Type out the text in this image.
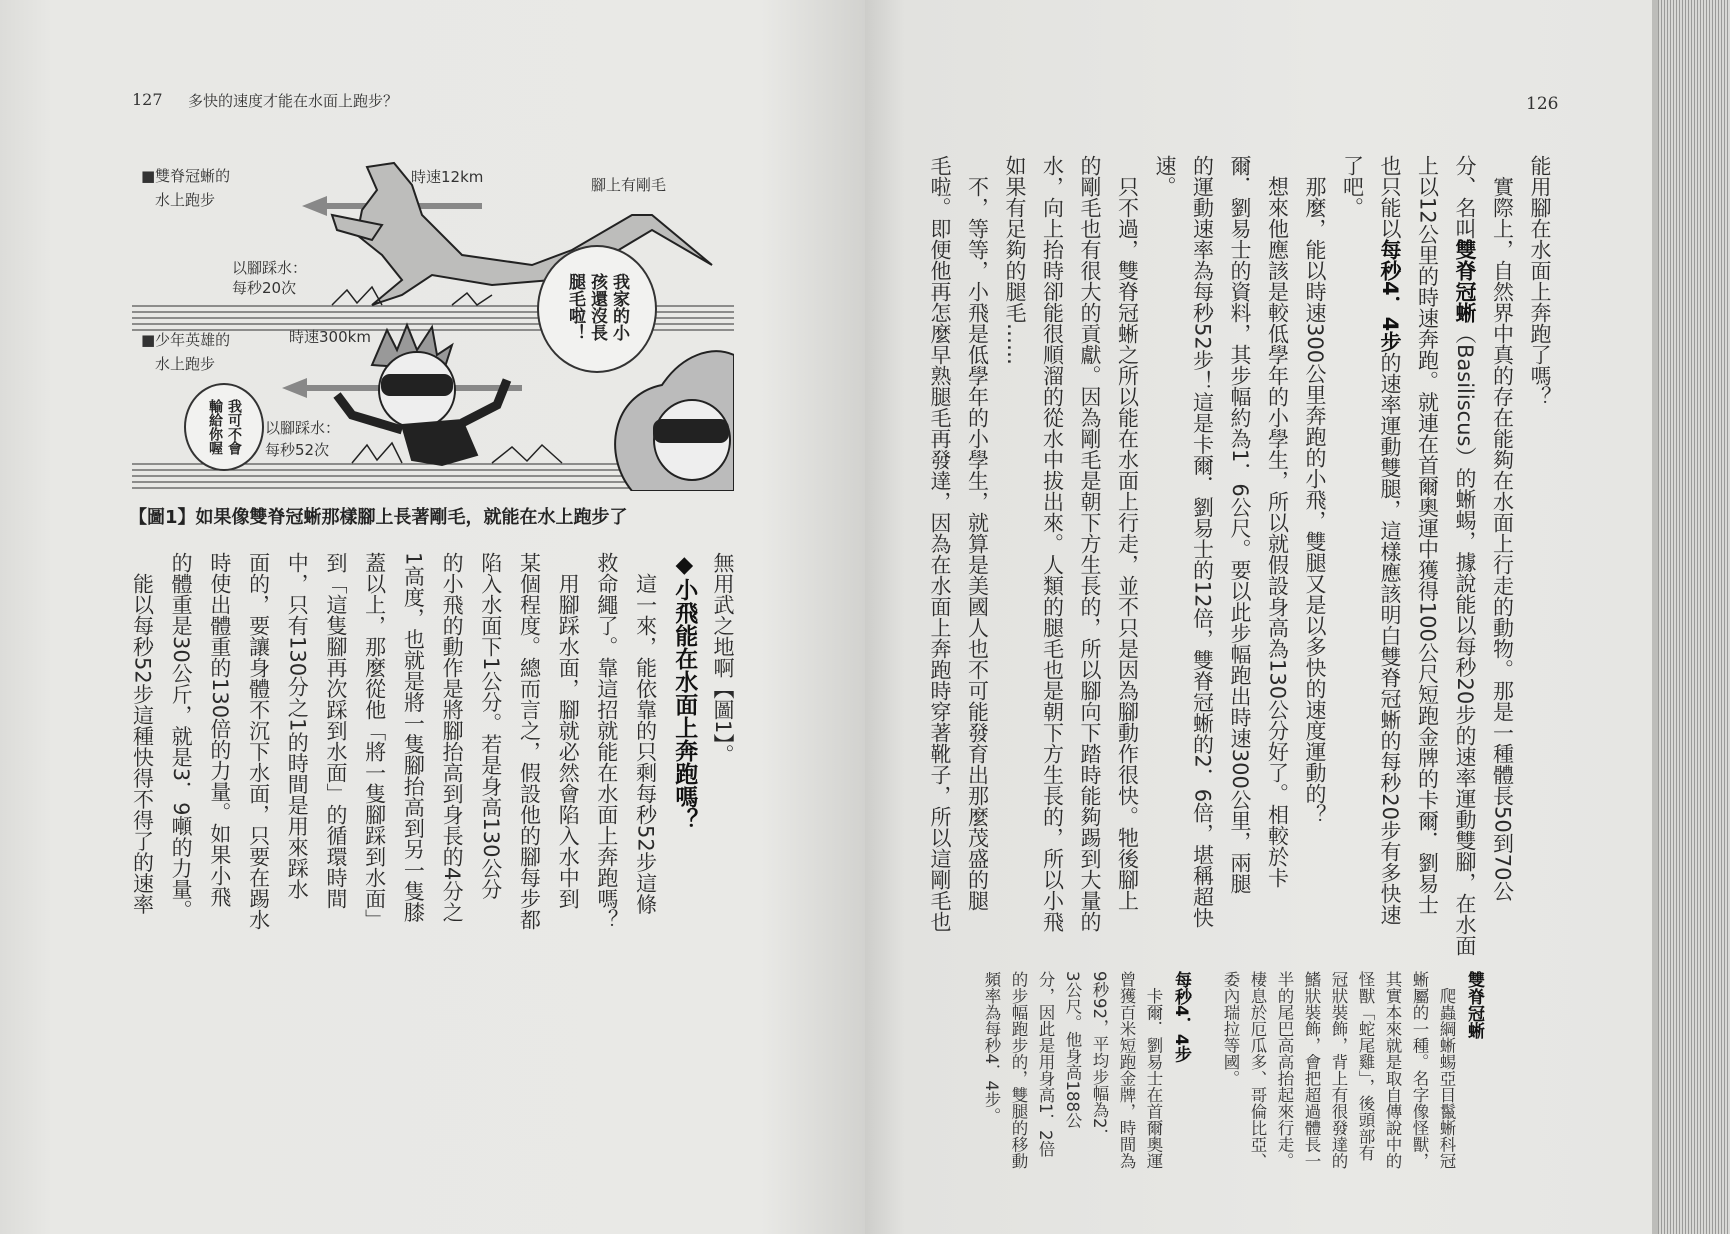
127 多快的速度才能在水面上跑步？
■雙脊冠蜥的
水上跑步
時速12km	腳上有剛毛
以腳踩水：
每秒20次
■少年英雄的
水上跑步
時速300km
以腳踩水：
每秒52次
我家的小孩還沒長腿毛啦！
我可不會輸給你喔
【圖1】如果像雙脊冠蜥那樣腳上長著剛毛，就能在水上跑步了
無用武之地啊【圖1】。
◆小飛能在水面上奔跑嗎？
　這一來，能依靠的只剩每秒52步這條
救命繩了。靠這招就能在水面上奔跑嗎？
　用腳踩水面，腳就必然會陷入水中到
某個程度。總而言之，假設他的腳每步都
陷入水面下1公分。若是身高130公分
的小飛的動作是將腳抬高到身長的4分之
1高度，也就是將一隻腳抬高到另一隻膝
蓋以上，那麼從他「將一隻腳踩到水面」
到「這隻腳再次踩到水面」的循環時間
中，只有130分之1的時間是用來踩水
面的，要讓身體不沉下水面，只要在踢水
時使出體重的130倍的力量。如果小飛
的體重是30公斤，就是3．9噸的力量。
　能以每秒52步這種快得不得了的速率
126
能用腳在水面上奔跑了嗎？
　實際上，自然界中真的存在能夠在水面上行走的動物。那是一種體長50到70公
分、名叫雙脊冠蜥（Basiliscus）的蜥蜴，據說能以每秒20步的速率運動雙腳，在水面
上以12公里的時速奔跑。就連在首爾奧運中獲得100公尺短跑金牌的卡爾．劉易士
也只能以每秒4．4步的速率運動雙腿，這樣應該明白雙脊冠蜥的每秒20步有多快速
了吧。
　那麼，能以時速300公里奔跑的小飛，雙腿又是以多快的速度運動的？
　想來他應該是較低學年的小學生，所以就假設身高為130公分好了。相較於卡
爾．劉易士的資料，其步幅約為1．6公尺。要以此步幅跑出時速300公里，兩腿
的運動速率為每秒52步！這是卡爾．劉易士的12倍，雙脊冠蜥的2．6倍，堪稱超快
速。
　只不過，雙脊冠蜥之所以能在水面上行走，並不只是因為腳動作很快。牠後腳上
的剛毛也有很大的貢獻。因為剛毛是朝下方生長的，所以腳向下踏時能夠踢到大量的
水，向上抬時卻能很順溜的從水中拔出來。人類的腿毛也是朝下方生長的，所以小飛
如果有足夠的腿毛……
　不，等等，小飛是低學年的小學生，就算是美國人也不可能發育出那麼茂盛的腿
毛啦。即便他再怎麼早熟腿毛再發達，因為在水面上奔跑時穿著靴子，所以這剛毛也
雙脊冠蜥
　爬蟲綱蜥蜴亞目鬣蜥科冠
蜥屬的一種。名字像怪獸，
其實本來就是取自傳說中的
怪獸「蛇尾雞」，後頭部有
冠狀裝飾，背上有很發達的
鰭狀裝飾，會把超過體長一
半的尾巴高高抬起來行走。
棲息於厄瓜多、哥倫比亞、
委內瑞拉等國。
每秒4．4步
　卡爾．劉易士在首爾奧運
曾獲百米短跑金牌，時間為
9秒92，平均步幅為2．
3公尺。他身高188公
分，因此是用身高1．2倍
的步幅跑步的，雙腿的移動
頻率為每秒4．4步。
